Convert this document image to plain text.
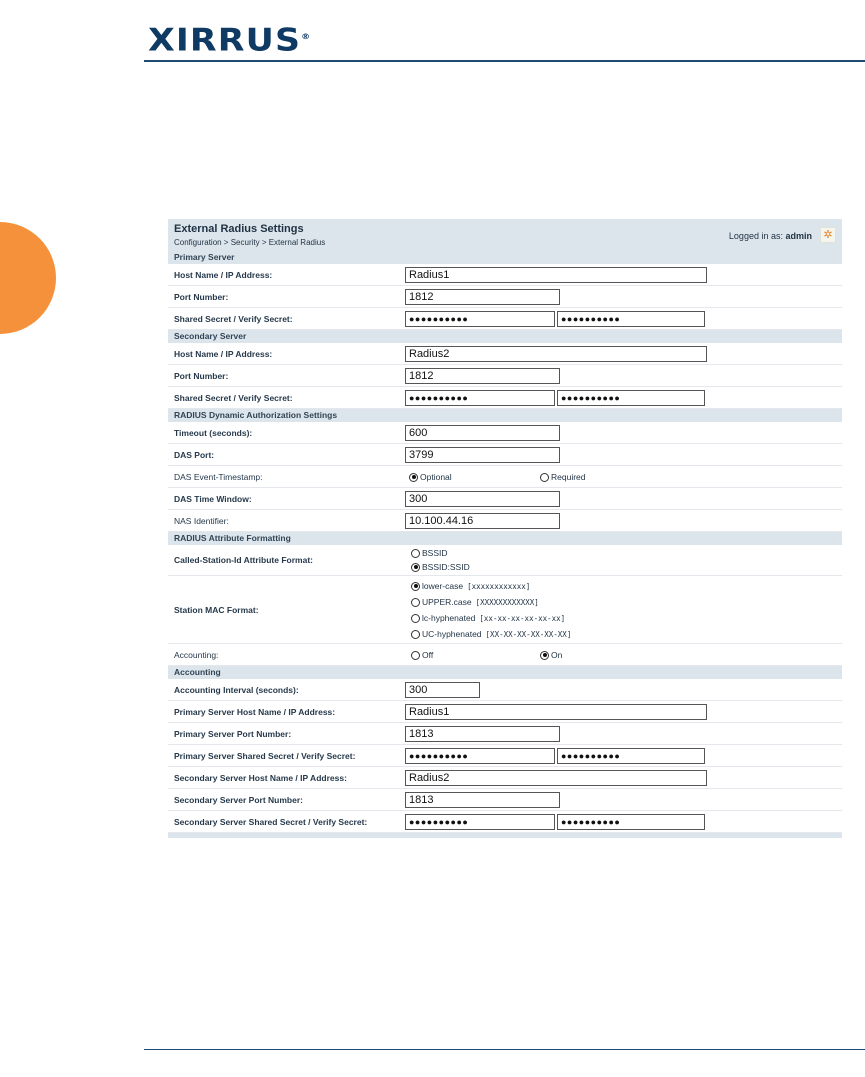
XIRRUS®
External Radius Settings
Configuration > Security > External Radius
Logged in as: admin	✲
Primary Server
Host Name / IP Address:	Radius1
Port Number:	1812
Shared Secret / Verify Secret:	●●●●●●●●●●	●●●●●●●●●●
Secondary Server
Host Name / IP Address:	Radius2
Port Number:	1812
Shared Secret / Verify Secret:	●●●●●●●●●●	●●●●●●●●●●
RADIUS Dynamic Authorization Settings
Timeout (seconds):	600
DAS Port:	3799
DAS Event-Timestamp:	Optional	Required
DAS Time Window:	300
NAS Identifier:	10.100.44.16
RADIUS Attribute Formatting
Called-Station-Id Attribute Format:
BSSID
BSSID:SSID
Station MAC Format:
lower-case [xxxxxxxxxxxx]
UPPER.case [XXXXXXXXXXXX]
lc-hyphenated [xx-xx-xx-xx-xx-xx]
UC-hyphenated [XX-XX-XX-XX-XX-XX]
Accounting:	Off	On
Accounting
Accounting Interval (seconds):	300
Primary Server Host Name / IP Address:	Radius1
Primary Server Port Number:	1813
Primary Server Shared Secret / Verify Secret:	●●●●●●●●●●	●●●●●●●●●●
Secondary Server Host Name / IP Address:	Radius2
Secondary Server Port Number:	1813
Secondary Server Shared Secret / Verify Secret:	●●●●●●●●●●	●●●●●●●●●●
